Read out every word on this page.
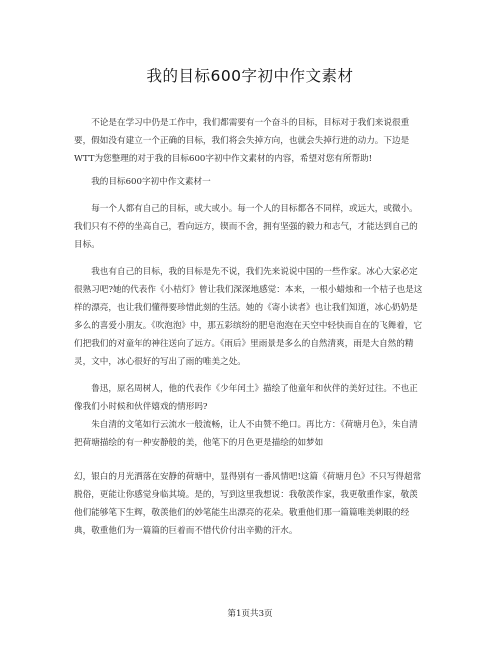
我的目标600字初中作文素材

不论是在学习中仍是工作中，我们都需要有一个奋斗的目标，目标对于我们来说很重要，假如没有建立一个正确的目标，我们将会失掉方向，也就会失掉行进的动力。下边是WTT为您整理的对于我的目标600字初中作文素材的内容，希望对您有所帮助!

我的目标600字初中作文素材一

每一个人都有自己的目标，或大或小。每一个人的目标都各不同样，或远大，或微小。我们只有不停的坐高自己，看向远方，锲而不舍，拥有坚强的毅力和志气，才能达到自己的目标。

我也有自己的目标，我的目标是先不说，我们先来说说中国的一些作家。冰心大家必定很熟习吧?她的代表作《小桔灯》曾让我们深深地感觉：本来，一根小蜡烛和一个桔子也是这样的漂亮，也让我们懂得要珍惜此刻的生活。她的《寄小读者》也让我们知道，冰心奶奶是多么的喜爱小朋友。《吹泡泡》中，那五彩缤纷的肥皂泡泡在天空中轻快而自在的飞舞着，它们把我们的对童年的神往送向了远方。《雨后》里雨景是多么的自然清爽，雨是大自然的精灵，文中，冰心很好的写出了雨的唯美之处。

鲁迅，原名周树人，他的代表作《少年闰土》描绘了他童年和伙伴的美好过往。不也正像我们小时候和伙伴嬉戏的情形吗?

朱自清的文笔如行云流水一般流畅，让人不由赞不绝口。再比方：《荷塘月色》，朱自清把荷塘描绘的有一种安静般的美，他笔下的月色更是描绘的如梦如

幻，银白的月光洒落在安静的荷塘中，显得别有一番风情吧!这篇《荷塘月色》不只写得超常脱俗，更能让你感觉身临其境。是的，写到这里我想说：我敬羡作家，我更敬重作家，敬羡他们能够笔下生辉，敬羡他们的妙笔能生出漂亮的花朵。敬重他们那一篇篇唯美刺眼的经典，敬重他们为一篇篇的巨着而不惜代价付出辛勤的汗水。

第1页共3页
